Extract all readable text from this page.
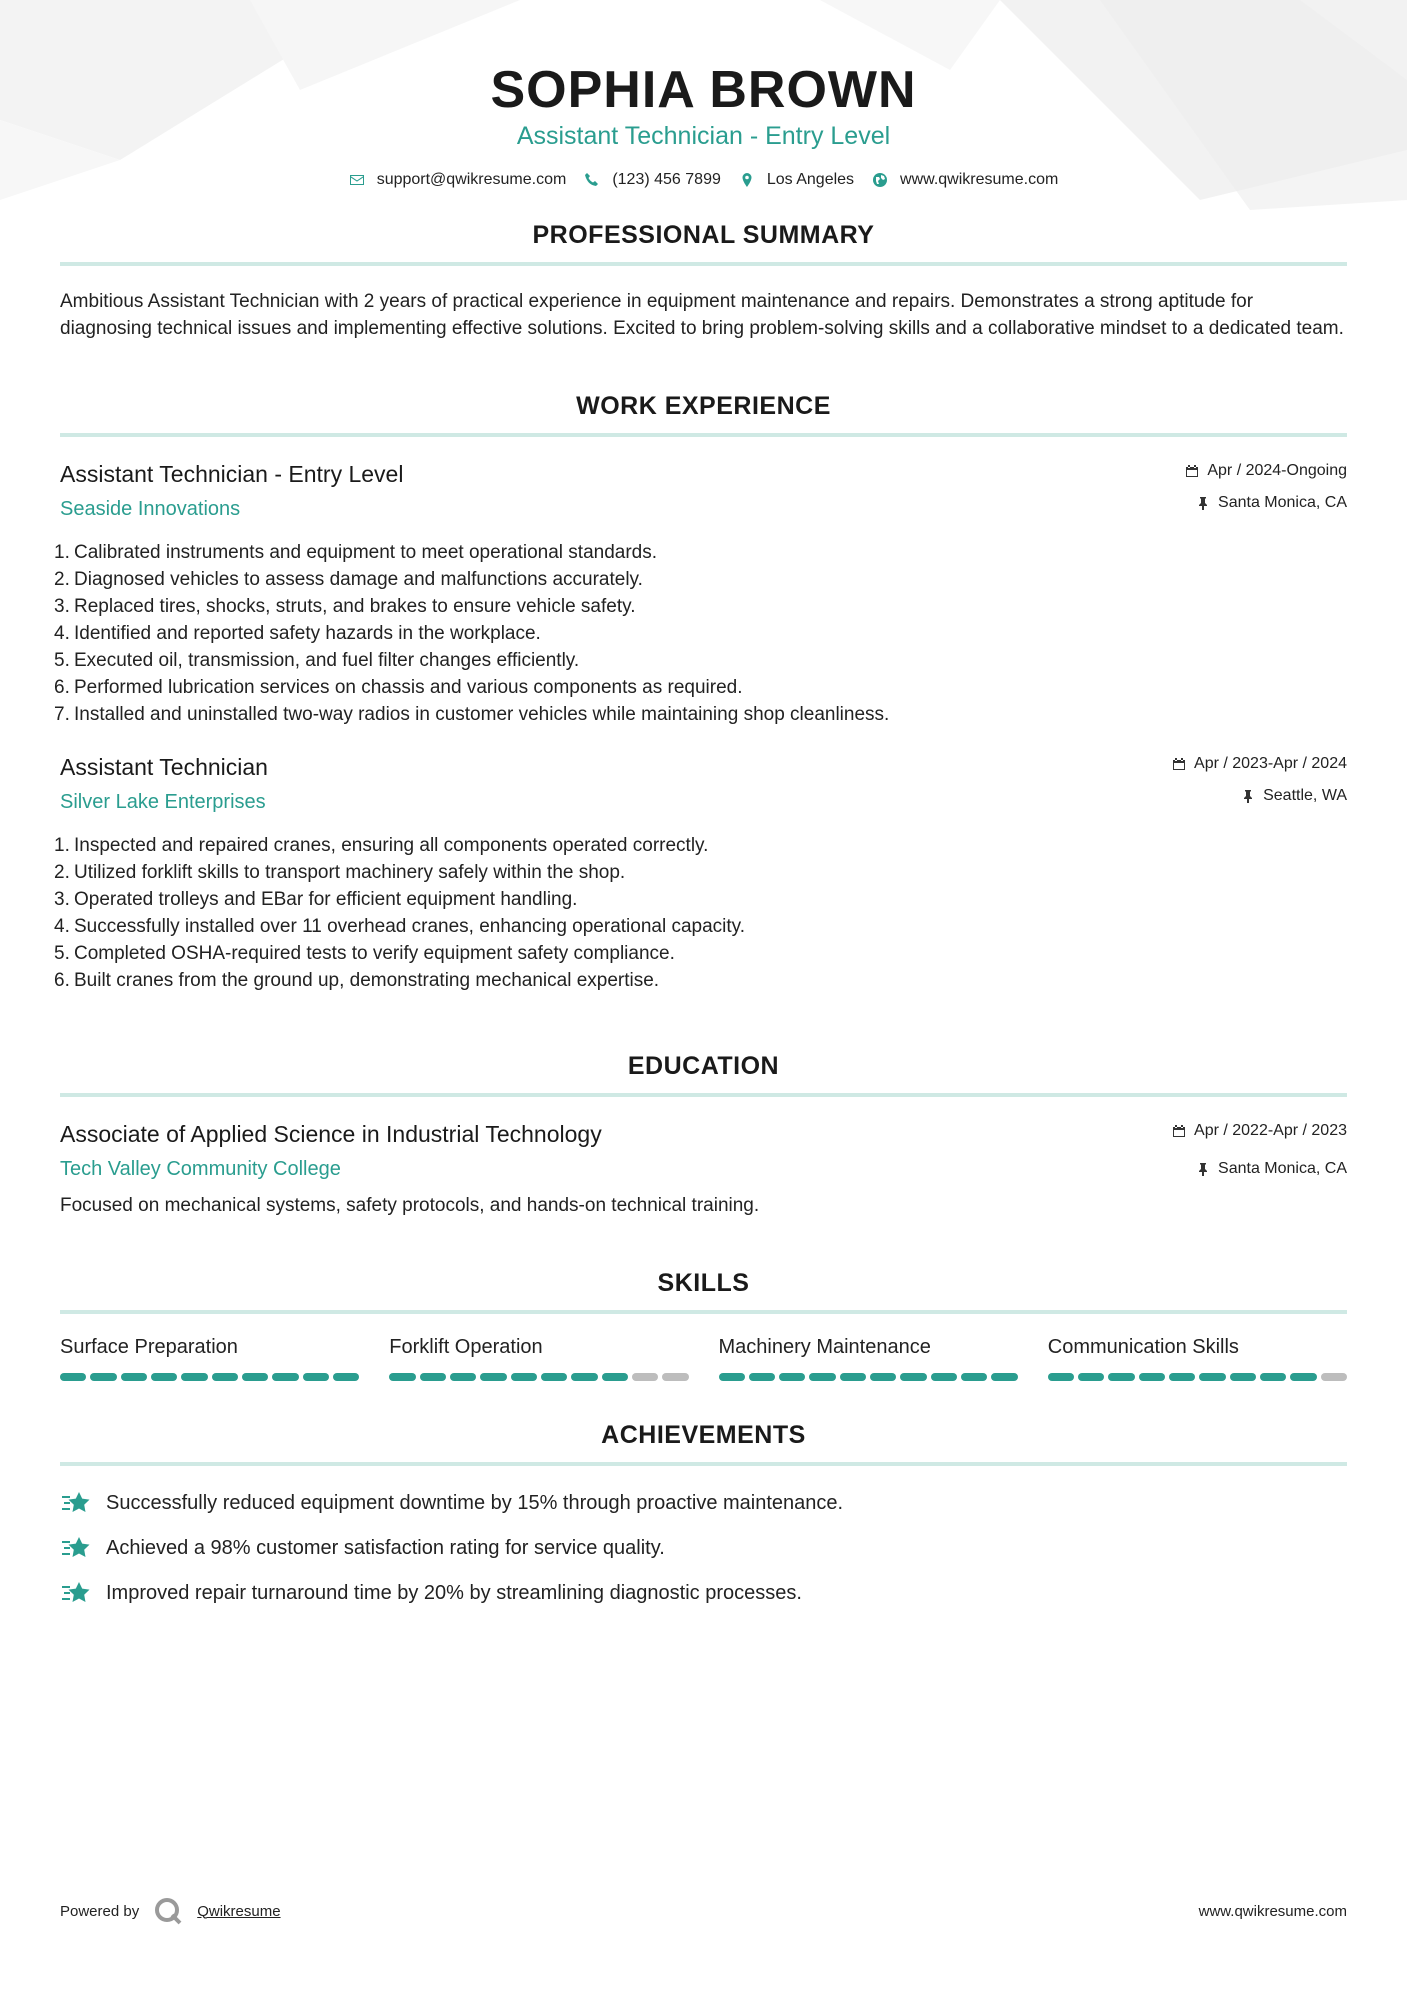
SOPHIA BROWN
Assistant Technician - Entry Level
support@qwikresume.com	(123) 456 7899	Los Angeles	www.qwikresume.com
PROFESSIONAL SUMMARY

Ambitious Assistant Technician with 2 years of practical experience in equipment maintenance and repairs. Demonstrates a strong aptitude for diagnosing technical issues and implementing effective solutions. Excited to bring problem-solving skills and a collaborative mindset to a dedicated team.

WORK EXPERIENCE
Assistant Technician - Entry Level
Seaside Innovations
Apr / 2024-Ongoing
Santa Monica, CA
Calibrated instruments and equipment to meet operational standards.
Diagnosed vehicles to assess damage and malfunctions accurately.
Replaced tires, shocks, struts, and brakes to ensure vehicle safety.
Identified and reported safety hazards in the workplace.
Executed oil, transmission, and fuel filter changes efficiently.
Performed lubrication services on chassis and various components as required.
Installed and uninstalled two-way radios in customer vehicles while maintaining shop cleanliness.
Assistant Technician
Silver Lake Enterprises
Apr / 2023-Apr / 2024
Seattle, WA
Inspected and repaired cranes, ensuring all components operated correctly.
Utilized forklift skills to transport machinery safely within the shop.
Operated trolleys and EBar for efficient equipment handling.
Successfully installed over 11 overhead cranes, enhancing operational capacity.
Completed OSHA-required tests to verify equipment safety compliance.
Built cranes from the ground up, demonstrating mechanical expertise.
EDUCATION
Associate of Applied Science in Industrial Technology
Tech Valley Community College
Apr / 2022-Apr / 2023
Santa Monica, CA

Focused on mechanical systems, safety protocols, and hands-on technical training.

SKILLS
Surface Preparation	Forklift Operation	Machinery Maintenance	Communication Skills
ACHIEVEMENTS
Successfully reduced equipment downtime by 15% through proactive maintenance.
Achieved a 98% customer satisfaction rating for service quality.
Improved repair turnaround time by 20% by streamlining diagnostic processes.
Powered by	Qwikresume	www.qwikresume.com
